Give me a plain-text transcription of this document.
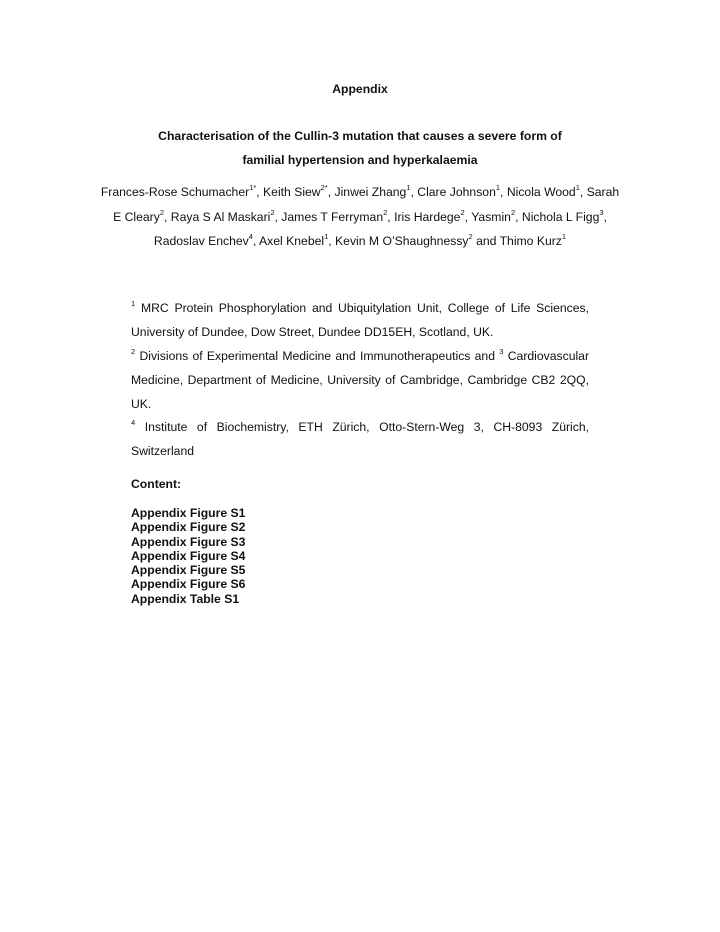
Appendix
Characterisation of the Cullin-3 mutation that causes a severe form of
familial hypertension and hyperkalaemia
Frances-Rose Schumacher$^{1*}$, Keith Siew$^{2*}$, Jinwei Zhang$^1$, Clare Johnson$^1$, Nicola Wood$^1$, Sarah E Cleary$^2$, Raya S Al Maskari$^2$, James T Ferryman$^2$, Iris Hardege$^2$, Yasmin$^2$, Nichola L Figg$^3$, Radoslav Enchev$^4$, Axel Knebel$^1$, Kevin M O’Shaughnessy$^2$ and Thimo Kurz$^1$
$^1$ MRC Protein Phosphorylation and Ubiquitylation Unit, College of Life Sciences, University of Dundee, Dow Street, Dundee DD15EH, Scotland, UK.
$^2$ Divisions of Experimental Medicine and Immunotherapeutics and $^3$ Cardiovascular Medicine, Department of Medicine, University of Cambridge, Cambridge CB2 2QQ, UK.
$^4$ Institute of Biochemistry, ETH Zürich, Otto-Stern-Weg 3, CH-8093 Zürich, Switzerland
Content:
Appendix Figure S1
Appendix Figure S2
Appendix Figure S3
Appendix Figure S4
Appendix Figure S5
Appendix Figure S6
Appendix Table S1
